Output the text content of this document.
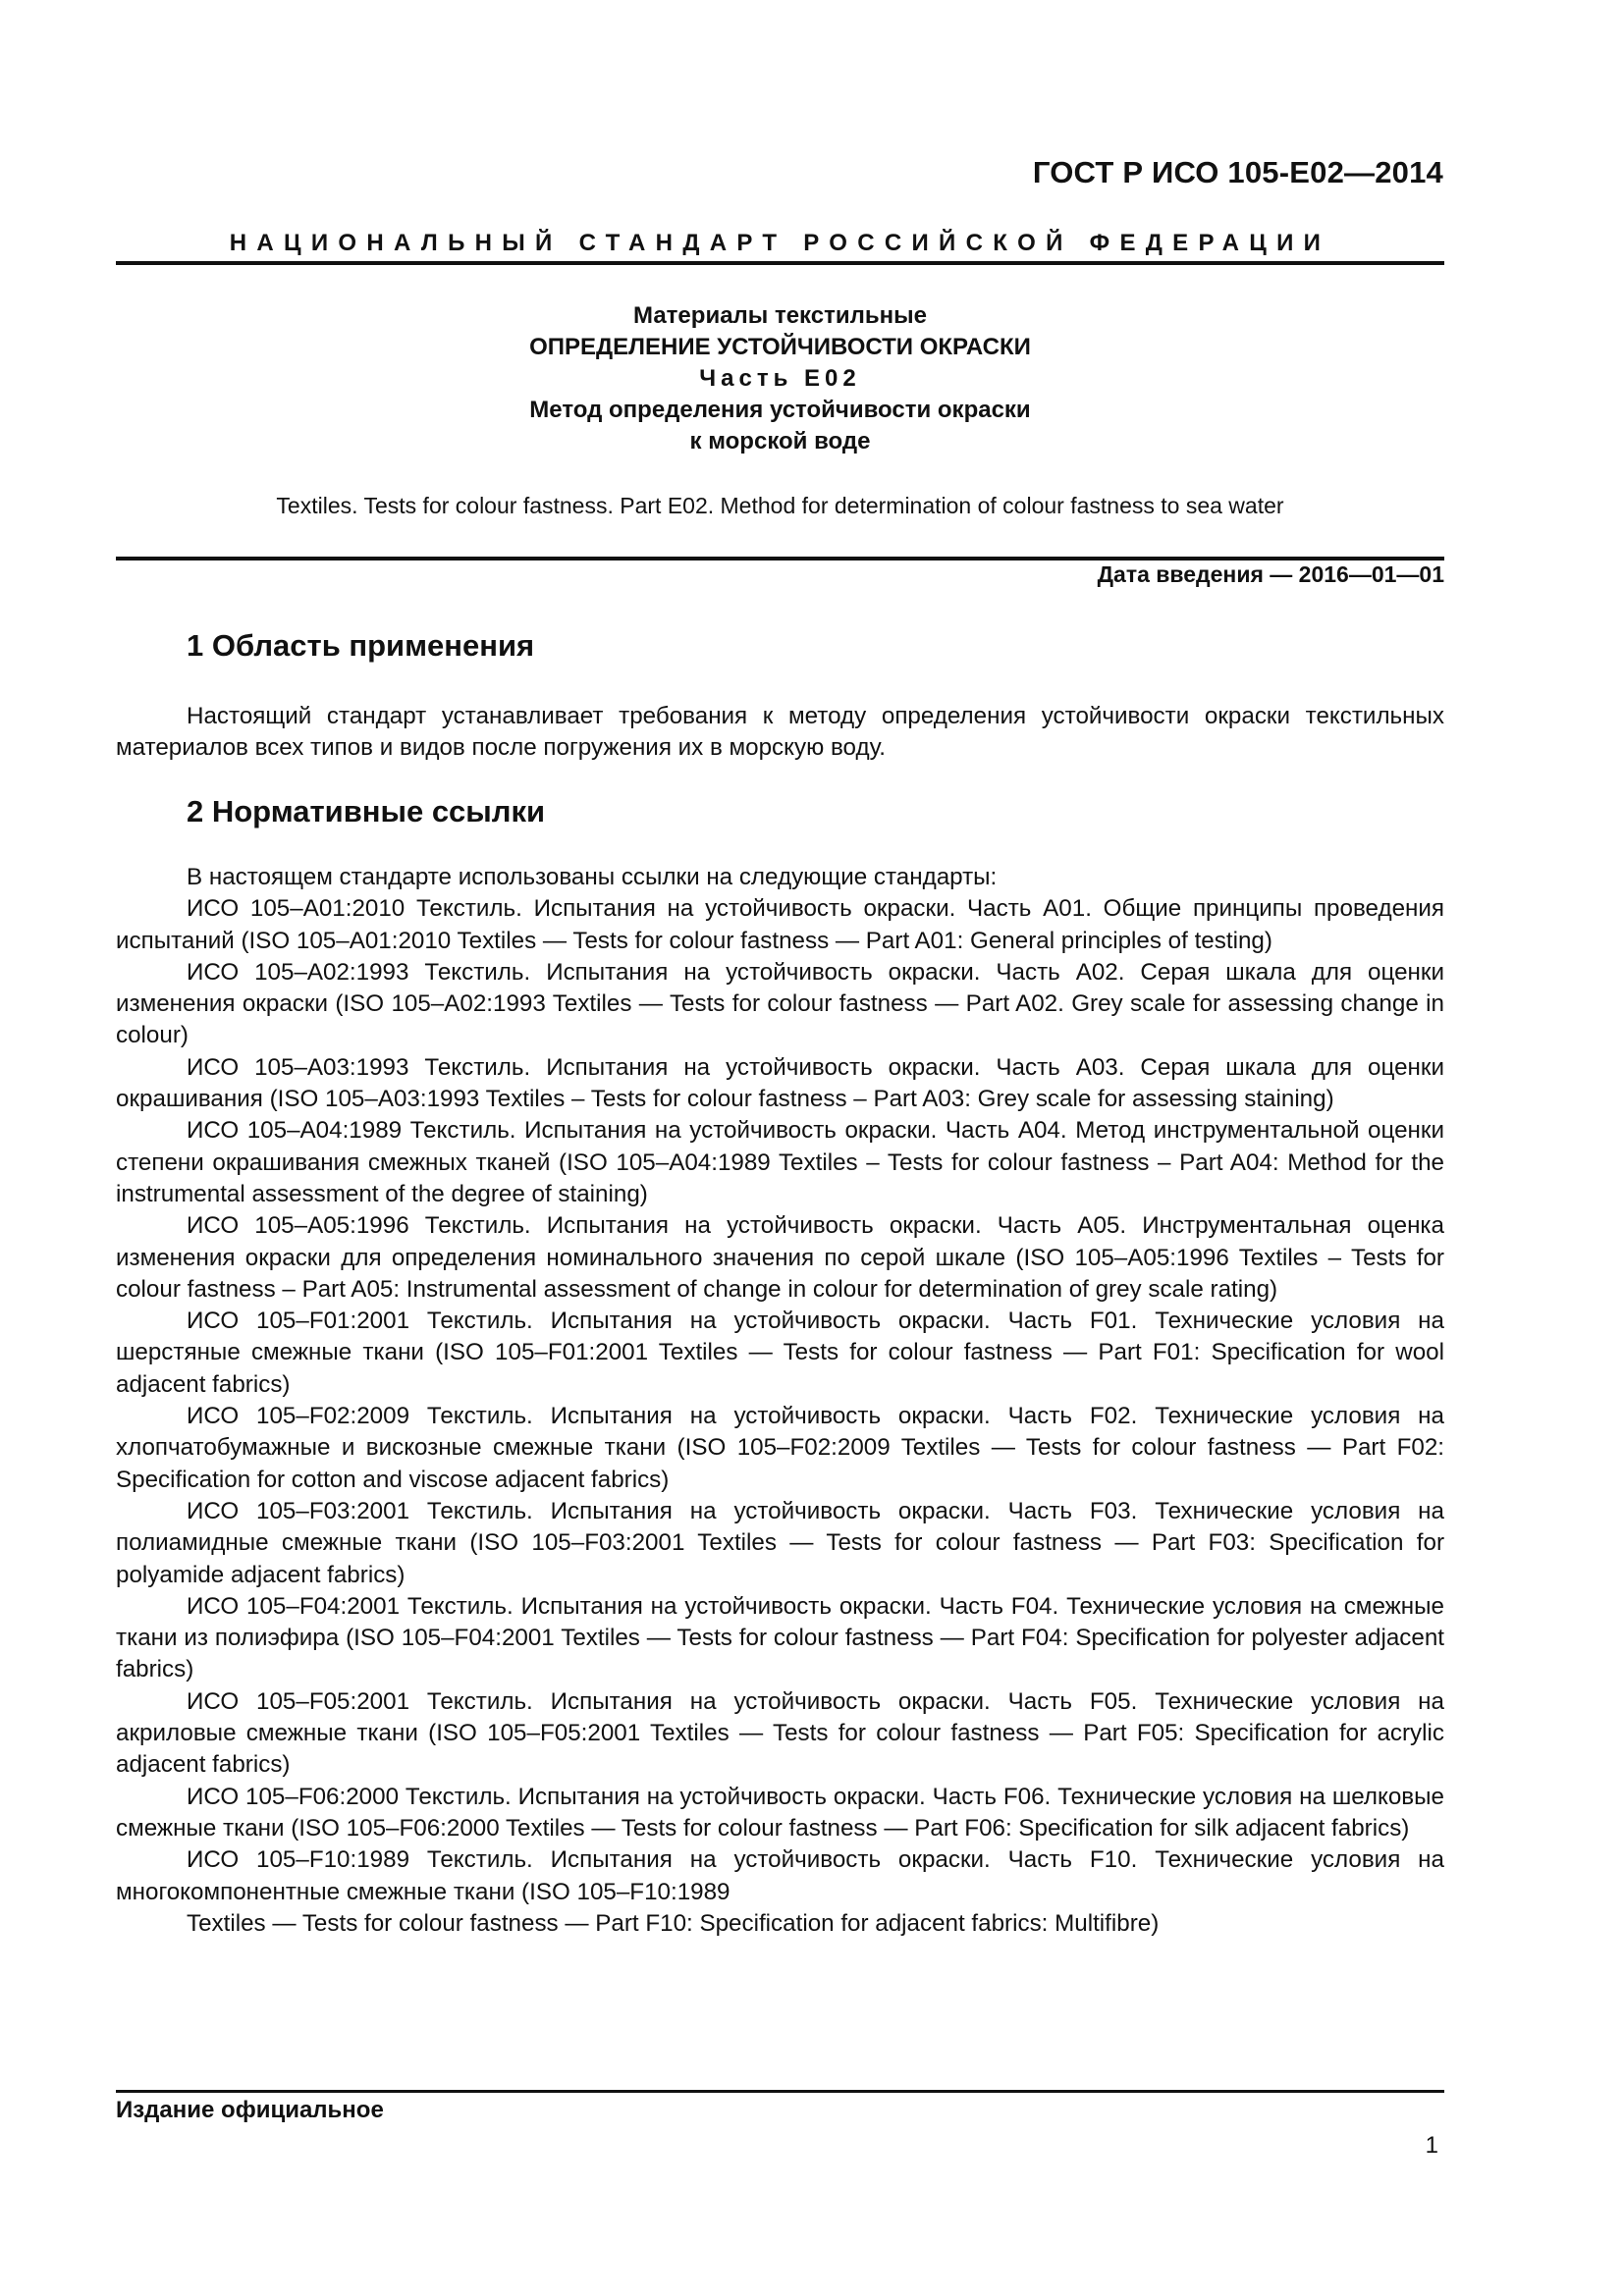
ГОСТ Р ИСО 105-Е02—2014
НАЦИОНАЛЬНЫЙ СТАНДАРТ РОССИЙСКОЙ ФЕДЕРАЦИИ
Материалы текстильные
ОПРЕДЕЛЕНИЕ УСТОЙЧИВОСТИ ОКРАСКИ
Часть Е02
Метод определения устойчивости окраски
к морской воде
Textiles. Tests for colour fastness. Part E02. Method for determination of colour fastness to sea water
Дата введения — 2016—01—01
1 Область применения

Настоящий стандарт устанавливает требования к методу определения устойчивости окраски текстильных материалов всех типов и видов после погружения их в морскую воду.

2 Нормативные ссылки

В настоящем стандарте использованы ссылки на следующие стандарты:

ИСО 105–А01:2010 Текстиль. Испытания на устойчивость окраски. Часть А01. Общие принципы проведения испытаний (ISO 105–A01:2010 Textiles — Tests for colour fastness — Part A01: General principles of testing)

ИСО 105–А02:1993 Текстиль. Испытания на устойчивость окраски. Часть А02. Серая шкала для оценки изменения окраски (ISO 105–A02:1993 Textiles — Tests for colour fastness — Part A02. Grey scale for assessing change in colour)

ИСО 105–А03:1993 Текстиль. Испытания на устойчивость окраски. Часть А03. Серая шкала для оценки окрашивания (ISO 105–A03:1993 Textiles – Tests for colour fastness – Part A03: Grey scale for assessing staining)

ИСО 105–А04:1989 Текстиль. Испытания на устойчивость окраски. Часть А04. Метод инструментальной оценки степени окрашивания смежных тканей (ISO 105–A04:1989 Textiles – Tests for colour fastness – Part A04: Method for the instrumental assessment of the degree of staining)

ИСО 105–А05:1996 Текстиль. Испытания на устойчивость окраски. Часть А05. Инструментальная оценка изменения окраски для определения номинального значения по серой шкале (ISO 105–A05:1996 Textiles – Tests for colour fastness – Part A05: Instrumental assessment of change in colour for determination of grey scale rating)

ИСО 105–F01:2001 Текстиль. Испытания на устойчивость окраски. Часть F01. Технические условия на шерстяные смежные ткани (ISO 105–F01:2001 Textiles — Tests for colour fastness — Part F01: Specification for wool adjacent fabrics)

ИСО 105–F02:2009 Текстиль. Испытания на устойчивость окраски. Часть F02. Технические условия на хлопчатобумажные и вискозные смежные ткани (ISO 105–F02:2009 Textiles — Tests for colour fastness — Part F02: Specification for cotton and viscose adjacent fabrics)

ИСО 105–F03:2001 Текстиль. Испытания на устойчивость окраски. Часть F03. Технические условия на полиамидные смежные ткани (ISO 105–F03:2001 Textiles — Tests for colour fastness — Part F03: Specification for polyamide adjacent fabrics)

ИСО 105–F04:2001 Текстиль. Испытания на устойчивость окраски. Часть F04. Технические условия на смежные ткани из полиэфира (ISO 105–F04:2001 Textiles — Tests for colour fastness — Part F04: Specification for polyester adjacent fabrics)

ИСО 105–F05:2001 Текстиль. Испытания на устойчивость окраски. Часть F05. Технические условия на акриловые смежные ткани (ISO 105–F05:2001 Textiles — Tests for colour fastness — Part F05: Specification for acrylic adjacent fabrics)

ИСО 105–F06:2000 Текстиль. Испытания на устойчивость окраски. Часть F06. Технические условия на шелковые смежные ткани (ISO 105–F06:2000 Textiles — Tests for colour fastness — Part F06: Specification for silk adjacent fabrics)

ИСО 105–F10:1989 Текстиль. Испытания на устойчивость окраски. Часть F10. Технические условия на многокомпонентные смежные ткани (ISO 105–F10:1989

Textiles — Tests for colour fastness — Part F10: Specification for adjacent fabrics: Multifibre)

Издание официальное
1
